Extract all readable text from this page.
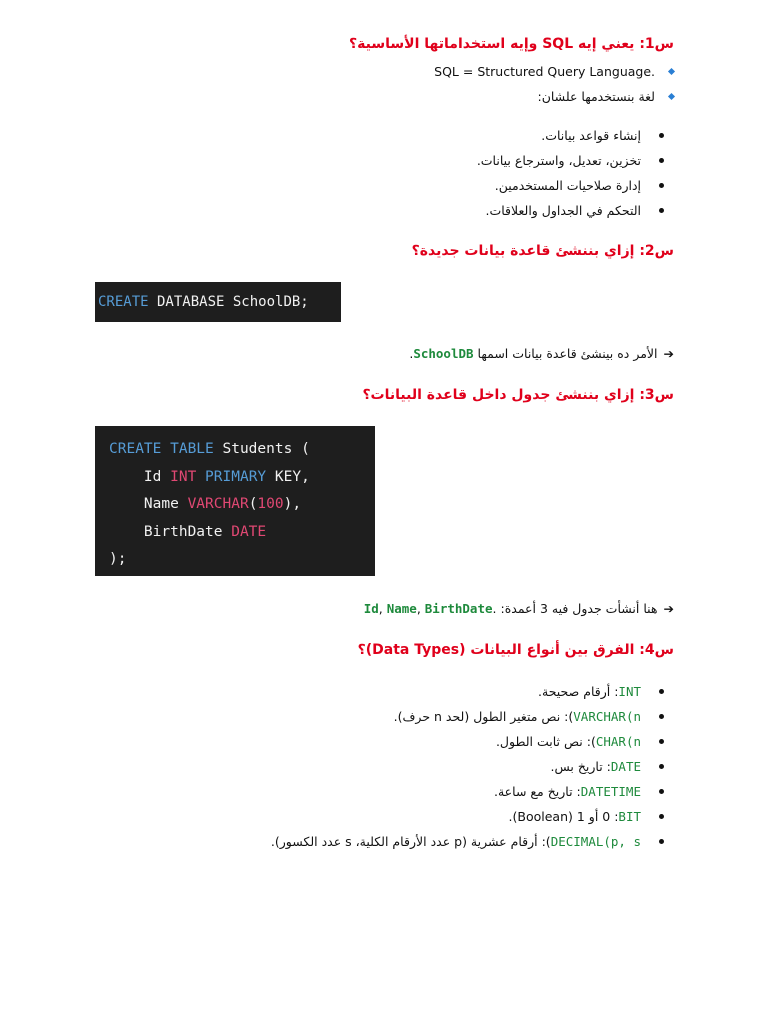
س1: يعني إيه SQL وإيه استخداماتها الأساسية؟
SQL = Structured Query Language.
لغة بنستخدمها علشان:
إنشاء قواعد بيانات.
تخزين، تعديل، واسترجاع بيانات.
إدارة صلاحيات المستخدمين.
التحكم في الجداول والعلاقات.
س2: إزاي بننشئ قاعدة بيانات جديدة؟
CREATE DATABASE SchoolDB;
➔
الأمر ده بينشئ قاعدة بيانات اسمها
SchoolDB
.
س3: إزاي بننشئ جدول داخل قاعدة البيانات؟
CREATE TABLE Students (
Id INT PRIMARY KEY,
Name VARCHAR(100),
BirthDate DATE
);
➔
هنا أنشأت جدول فيه 3 أعمدة:
Id, Name, BirthDate.
س4: الفرق بين أنواع البيانات (Data Types)؟
INT
: أرقام صحيحة.
VARCHAR(n
): نص متغير الطول (لحد n حرف).
CHAR(n
): نص ثابت الطول.
DATE
: تاريخ بس.
DATETIME
: تاريخ مع ساعة.
BIT
: 0 أو 1 (Boolean).
DECIMAL(p, s
): أرقام عشرية (p عدد الأرقام الكلية، s عدد الكسور).
